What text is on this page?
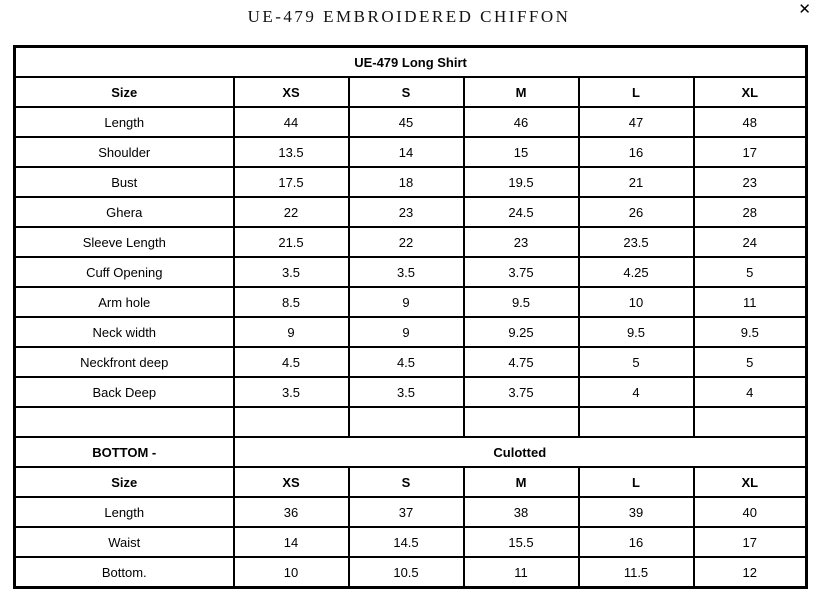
UE-479 EMBROIDERED CHIFFON	✕
UE-479 Long Shirt					
Size	XS	S	M	L	XL
Length	44	45	46	47	48
Shoulder	13.5	14	15	16	17
Bust	17.5	18	19.5	21	23
Ghera	22	23	24.5	26	28
Sleeve Length	21.5	22	23	23.5	24
Cuff Opening	3.5	3.5	3.75	4.25	5
Arm hole	8.5	9	9.5	10	11
Neck width	9	9	9.25	9.5	9.5
Neckfront deep	4.5	4.5	4.75	5	5
Back Deep	3.5	3.5	3.75	4	4

BOTTOM -	Culotted				
Size	XS	S	M	L	XL
Length	36	37	38	39	40
Waist	14	14.5	15.5	16	17
Bottom.	10	10.5	11	11.5	12
